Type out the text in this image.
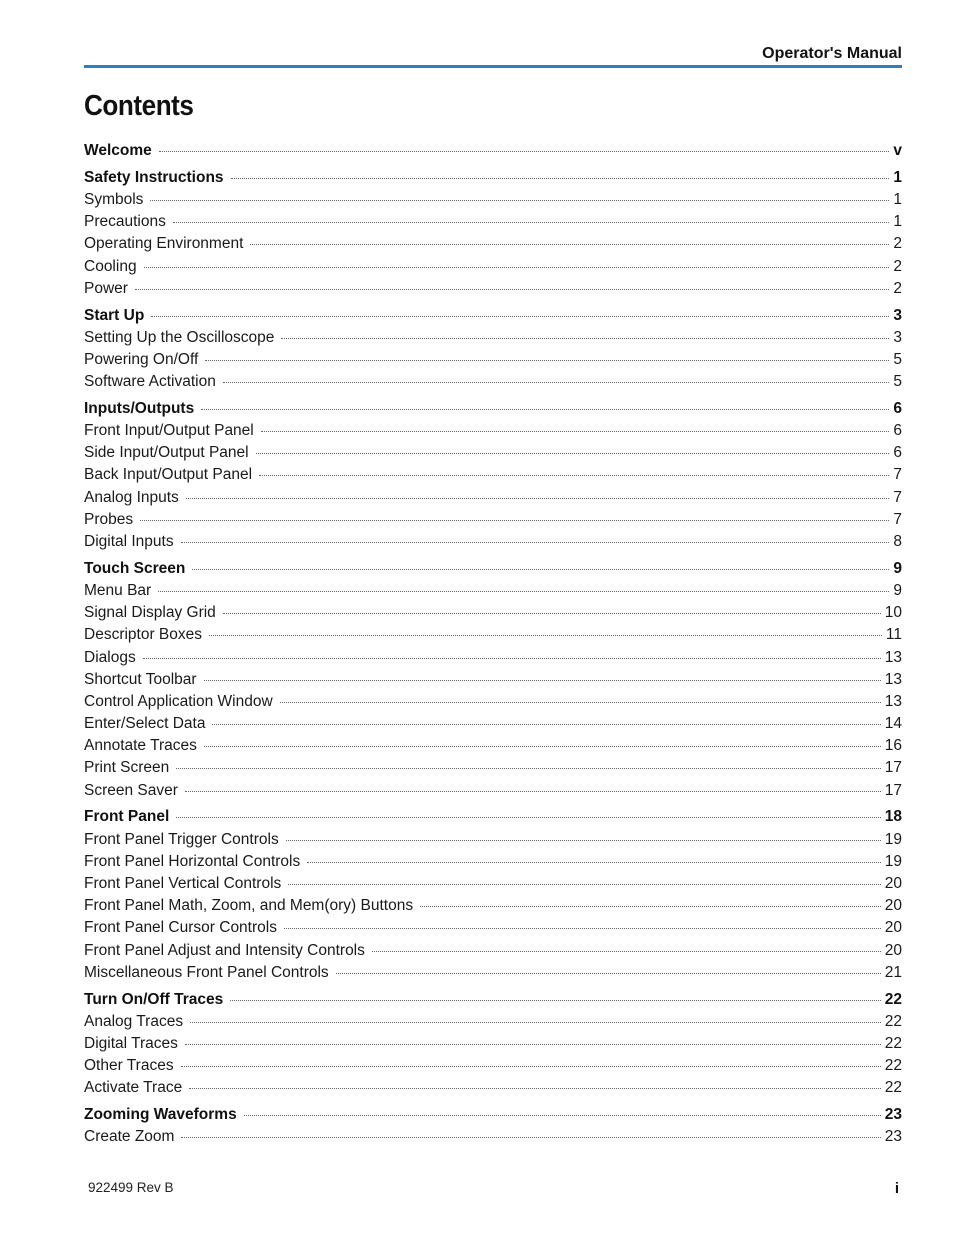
Operator's Manual
Contents
Welcome	v
Safety Instructions	1
Symbols	1
Precautions	1
Operating Environment	2
Cooling	2
Power	2
Start Up	3
Setting Up the Oscilloscope	3
Powering On/Off	5
Software Activation	5
Inputs/Outputs	6
Front Input/Output Panel	6
Side Input/Output Panel	6
Back Input/Output Panel	7
Analog Inputs	7
Probes	7
Digital Inputs	8
Touch Screen	9
Menu Bar	9
Signal Display Grid	10
Descriptor Boxes	11
Dialogs	13
Shortcut Toolbar	13
Control Application Window	13
Enter/Select Data	14
Annotate Traces	16
Print Screen	17
Screen Saver	17
Front Panel	18
Front Panel Trigger Controls	19
Front Panel Horizontal Controls	19
Front Panel Vertical Controls	20
Front Panel Math, Zoom, and Mem(ory) Buttons	20
Front Panel Cursor Controls	20
Front Panel Adjust and Intensity Controls	20
Miscellaneous Front Panel Controls	21
Turn On/Off Traces	22
Analog Traces	22
Digital Traces	22
Other Traces	22
Activate Trace	22
Zooming Waveforms	23
Create Zoom	23
922499 Rev B	i
